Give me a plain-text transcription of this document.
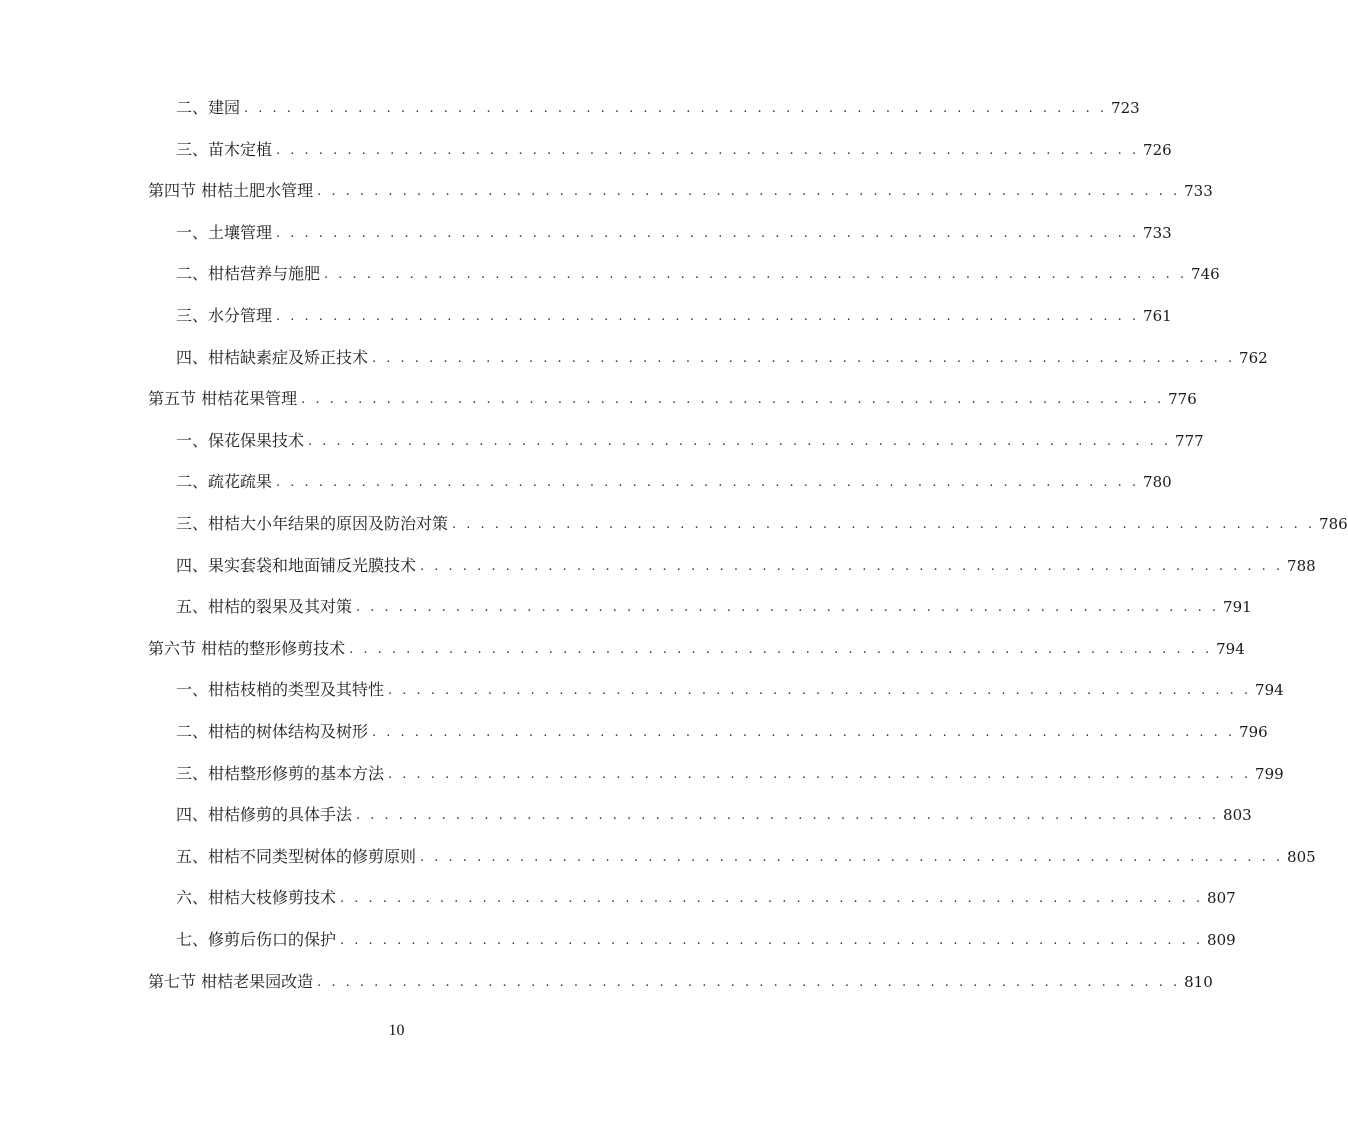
二、建园 . . . . . . . . . . . . . . . . . . . . . . . . . . . . . . . . . . . . . . . . . . . . . . . . . . . . . . . . . . . . . 723
三、苗木定植 . . . . . . . . . . . . . . . . . . . . . . . . . . . . . . . . . . . . . . . . . . . . . . . . . . . . . . . . . . . . . 726
第四节 柑桔土肥水管理 . . . . . . . . . . . . . . . . . . . . . . . . . . . . . . . . . . . . . . . . . . . . . . . . . . . . . . . . . . . . . 733
一、土壤管理 . . . . . . . . . . . . . . . . . . . . . . . . . . . . . . . . . . . . . . . . . . . . . . . . . . . . . . . . . . . . . 733
二、柑桔营养与施肥 . . . . . . . . . . . . . . . . . . . . . . . . . . . . . . . . . . . . . . . . . . . . . . . . . . . . . . . . . . . . . 746
三、水分管理 . . . . . . . . . . . . . . . . . . . . . . . . . . . . . . . . . . . . . . . . . . . . . . . . . . . . . . . . . . . . . 761
四、柑桔缺素症及矫正技术 . . . . . . . . . . . . . . . . . . . . . . . . . . . . . . . . . . . . . . . . . . . . . . . . . . . . . . . . . . . . . 762
第五节 柑桔花果管理 . . . . . . . . . . . . . . . . . . . . . . . . . . . . . . . . . . . . . . . . . . . . . . . . . . . . . . . . . . . . . 776
一、保花保果技术 . . . . . . . . . . . . . . . . . . . . . . . . . . . . . . . . . . . . . . . . . . . . . . . . . . . . . . . . . . . . . 777
二、疏花疏果 . . . . . . . . . . . . . . . . . . . . . . . . . . . . . . . . . . . . . . . . . . . . . . . . . . . . . . . . . . . . . 780
三、柑桔大小年结果的原因及防治对策 . . . . . . . . . . . . . . . . . . . . . . . . . . . . . . . . . . . . . . . . . . . . . . . . . . . . . . . . . . . . . 786
四、果实套袋和地面铺反光膜技术 . . . . . . . . . . . . . . . . . . . . . . . . . . . . . . . . . . . . . . . . . . . . . . . . . . . . . . . . . . . . . 788
五、柑桔的裂果及其对策 . . . . . . . . . . . . . . . . . . . . . . . . . . . . . . . . . . . . . . . . . . . . . . . . . . . . . . . . . . . . . 791
第六节 柑桔的整形修剪技术 . . . . . . . . . . . . . . . . . . . . . . . . . . . . . . . . . . . . . . . . . . . . . . . . . . . . . . . . . . . . . 794
一、柑桔枝梢的类型及其特性 . . . . . . . . . . . . . . . . . . . . . . . . . . . . . . . . . . . . . . . . . . . . . . . . . . . . . . . . . . . . . 794
二、柑桔的树体结构及树形 . . . . . . . . . . . . . . . . . . . . . . . . . . . . . . . . . . . . . . . . . . . . . . . . . . . . . . . . . . . . . 796
三、柑桔整形修剪的基本方法 . . . . . . . . . . . . . . . . . . . . . . . . . . . . . . . . . . . . . . . . . . . . . . . . . . . . . . . . . . . . . 799
四、柑桔修剪的具体手法 . . . . . . . . . . . . . . . . . . . . . . . . . . . . . . . . . . . . . . . . . . . . . . . . . . . . . . . . . . . . . 803
五、柑桔不同类型树体的修剪原则 . . . . . . . . . . . . . . . . . . . . . . . . . . . . . . . . . . . . . . . . . . . . . . . . . . . . . . . . . . . . . 805
六、柑桔大枝修剪技术 . . . . . . . . . . . . . . . . . . . . . . . . . . . . . . . . . . . . . . . . . . . . . . . . . . . . . . . . . . . . . 807
七、修剪后伤口的保护 . . . . . . . . . . . . . . . . . . . . . . . . . . . . . . . . . . . . . . . . . . . . . . . . . . . . . . . . . . . . . 809
第七节 柑桔老果园改造 . . . . . . . . . . . . . . . . . . . . . . . . . . . . . . . . . . . . . . . . . . . . . . . . . . . . . . . . . . . . . 810
10
